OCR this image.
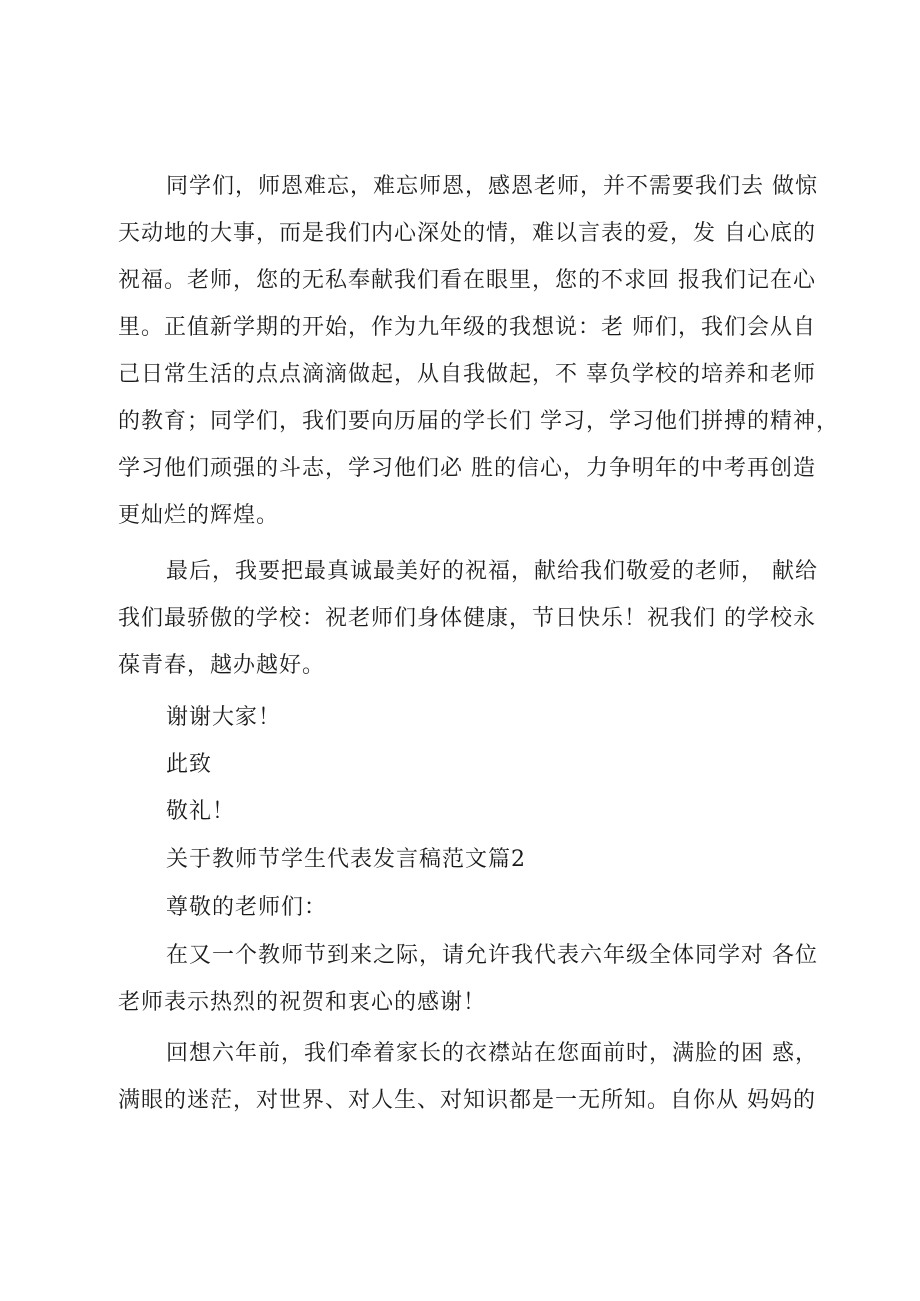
同学们，师恩难忘，难忘师恩，感恩老师，并不需要我们去 做惊
天动地的大事，而是我们内心深处的情，难以言表的爱，发 自心底的
祝福。老师，您的无私奉献我们看在眼里，您的不求回 报我们记在心
里。正值新学期的开始，作为九年级的我想说：老 师们，我们会从自
己日常生活的点点滴滴做起，从自我做起，不 辜负学校的培养和老师
的教育；同学们，我们要向历届的学长们 学习，学习他们拼搏的精神，
学习他们顽强的斗志，学习他们必 胜的信心，力争明年的中考再创造
更灿烂的辉煌。
最后，我要把最真诚最美好的祝福，献给我们敬爱的老师， 献给
我们最骄傲的学校：祝老师们身体健康，节日快乐！祝我们 的学校永
葆青春，越办越好。
谢谢大家！
此致
敬礼！
关于教师节学生代表发言稿范文篇2
尊敬的老师们：
在又一个教师节到来之际，请允许我代表六年级全体同学对 各位
老师表示热烈的祝贺和衷心的感谢！
回想六年前，我们牵着家长的衣襟站在您面前时，满脸的困 惑，
满眼的迷茫，对世界、对人生、对知识都是一无所知。自你从 妈妈的
